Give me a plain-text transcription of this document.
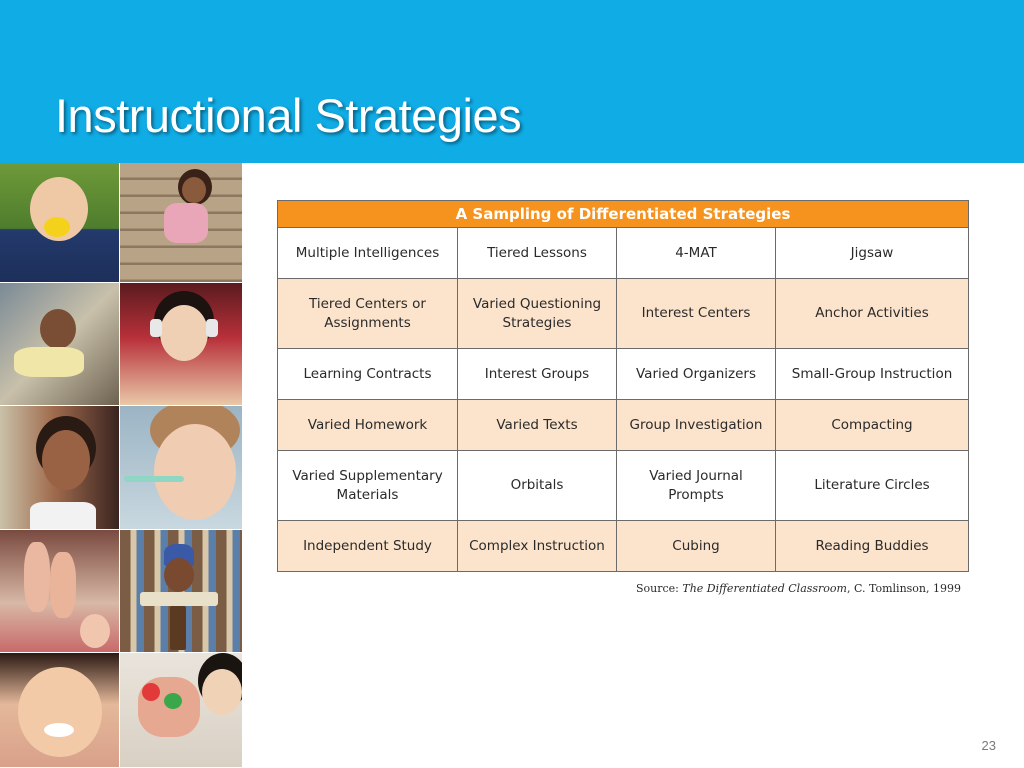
Instructional Strategies
A Sampling of Differentiated Strategies			
Multiple Intelligences	Tiered Lessons	4-MAT	Jigsaw
Tiered Centers or Assignments	Varied Questioning Strategies	Interest Centers	Anchor Activities
Learning Contracts	Interest Groups	Varied Organizers	Small-Group Instruction
Varied Homework	Varied Texts	Group Investigation	Compacting
Varied Supplementary Materials	Orbitals	Varied Journal Prompts	Literature Circles
Independent Study	Complex Instruction	Cubing	Reading Buddies
Source: The Differentiated Classroom, C. Tomlinson, 1999
23
